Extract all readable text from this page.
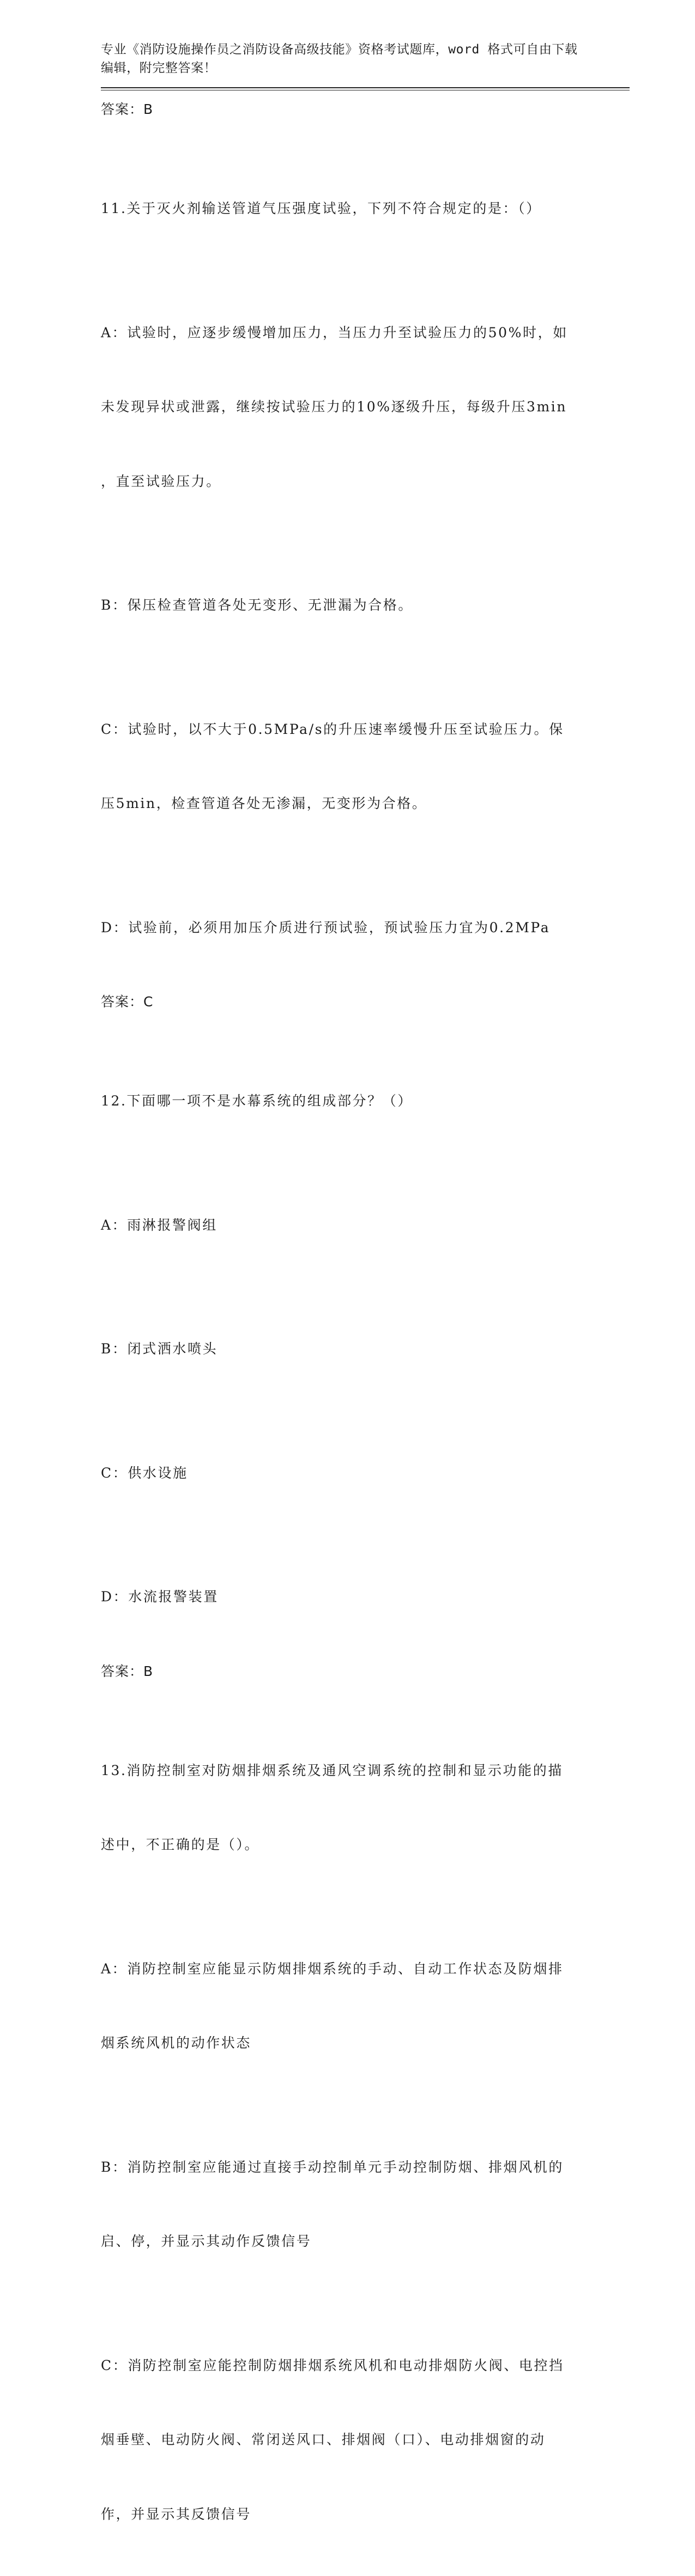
专业《消防设施操作员之消防设备高级技能》资格考试题库，word 格式可自由下载编辑，附完整答案！
答案：B

11.关于灭火剂输送管道气压强度试验，下列不符合规定的是：（）

A：试验时，应逐步缓慢增加压力，当压力升至试验压力的50%时，如

未发现异状或泄露，继续按试验压力的10%逐级升压，每级升压3min

，直至试验压力。

B：保压检查管道各处无变形、无泄漏为合格。

C：试验时，以不大于0.5MPa/s的升压速率缓慢升压至试验压力。保

压5min，检查管道各处无渗漏，无变形为合格。

D：试验前，必须用加压介质进行预试验，预试验压力宜为0.2MPa

答案：C

12.下面哪一项不是水幕系统的组成部分？（）

A：雨淋报警阀组

B：闭式洒水喷头

C：供水设施

D：水流报警装置

答案：B

13.消防控制室对防烟排烟系统及通风空调系统的控制和显示功能的描

述中，不正确的是（）。

A：消防控制室应能显示防烟排烟系统的手动、自动工作状态及防烟排

烟系统风机的动作状态

B：消防控制室应能通过直接手动控制单元手动控制防烟、排烟风机的

启、停，并显示其动作反馈信号

C：消防控制室应能控制防烟排烟系统风机和电动排烟防火阀、电控挡

烟垂壁、电动防火阀、常闭送风口、排烟阀（口）、电动排烟窗的动

作，并显示其反馈信号
